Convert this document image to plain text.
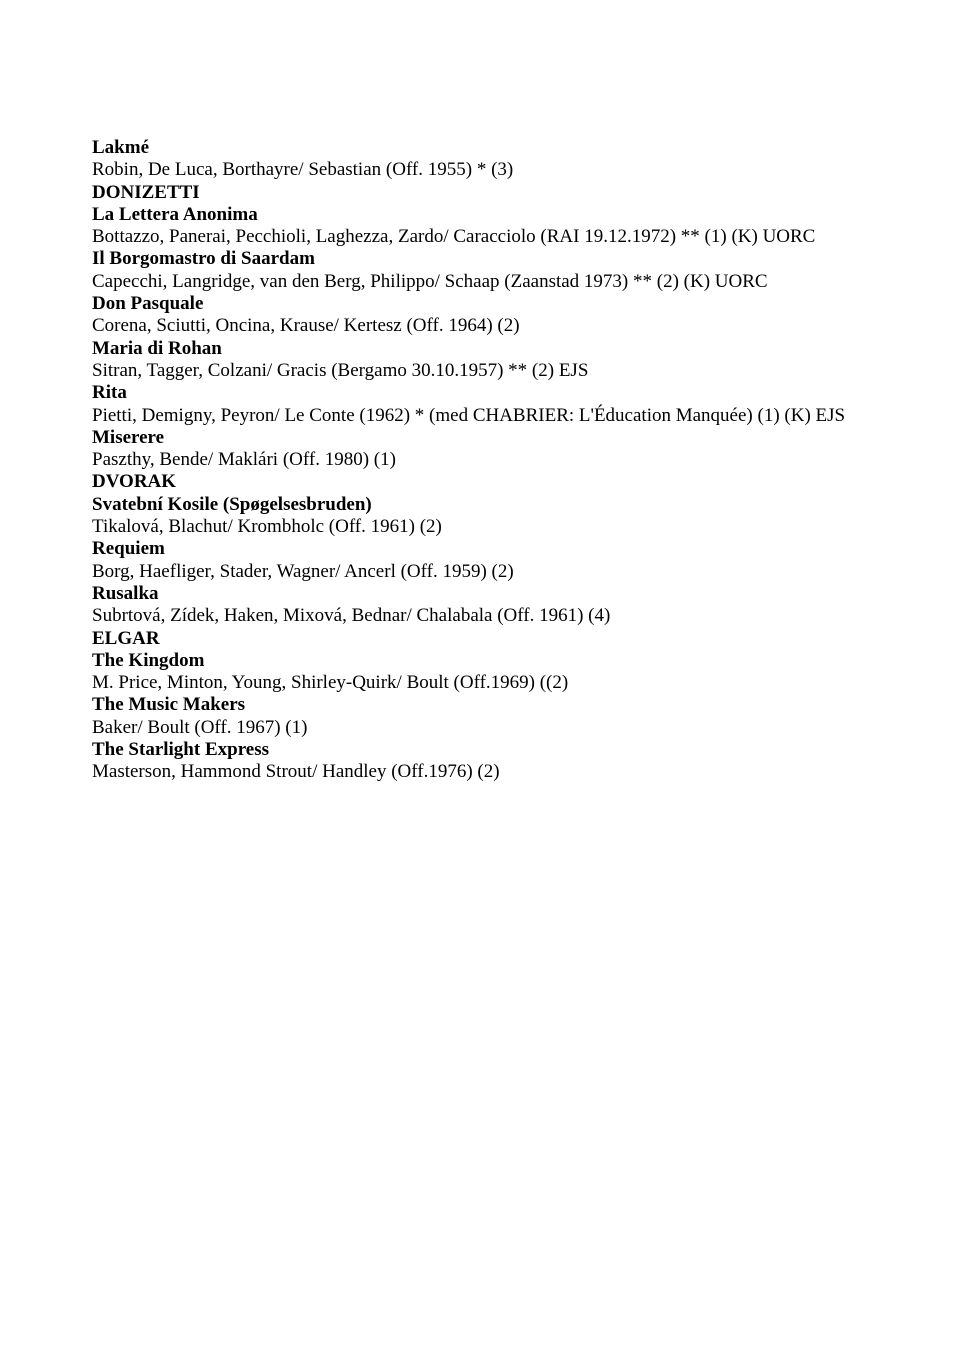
Lakmé
Robin, De Luca, Borthayre/ Sebastian (Off. 1955) * (3)
DONIZETTI
La Lettera Anonima
Bottazzo, Panerai, Pecchioli, Laghezza, Zardo/ Caracciolo (RAI 19.12.1972) ** (1) (K) UORC
Il Borgomastro di Saardam
Capecchi, Langridge, van den Berg, Philippo/ Schaap (Zaanstad 1973) ** (2) (K) UORC
Don Pasquale
Corena, Sciutti, Oncina, Krause/ Kertesz (Off. 1964) (2)
Maria di Rohan
Sitran, Tagger, Colzani/ Gracis (Bergamo 30.10.1957) ** (2) EJS
Rita
Pietti, Demigny, Peyron/ Le Conte (1962) * (med CHABRIER: L'Éducation Manquée) (1) (K) EJS
Miserere
Paszthy, Bende/ Maklári (Off. 1980) (1)
DVORAK
Svatební Kosile (Spøgelsesbruden)
Tikalová, Blachut/ Krombholc (Off. 1961) (2)
Requiem
Borg, Haefliger, Stader, Wagner/ Ancerl (Off. 1959) (2)
Rusalka
Subrtová, Zídek, Haken, Mixová, Bednar/ Chalabala (Off. 1961) (4)
ELGAR
The Kingdom
M. Price, Minton, Young, Shirley-Quirk/ Boult (Off.1969) ((2)
The Music Makers
Baker/ Boult (Off. 1967) (1)
The Starlight Express
Masterson, Hammond Strout/ Handley (Off.1976) (2)
